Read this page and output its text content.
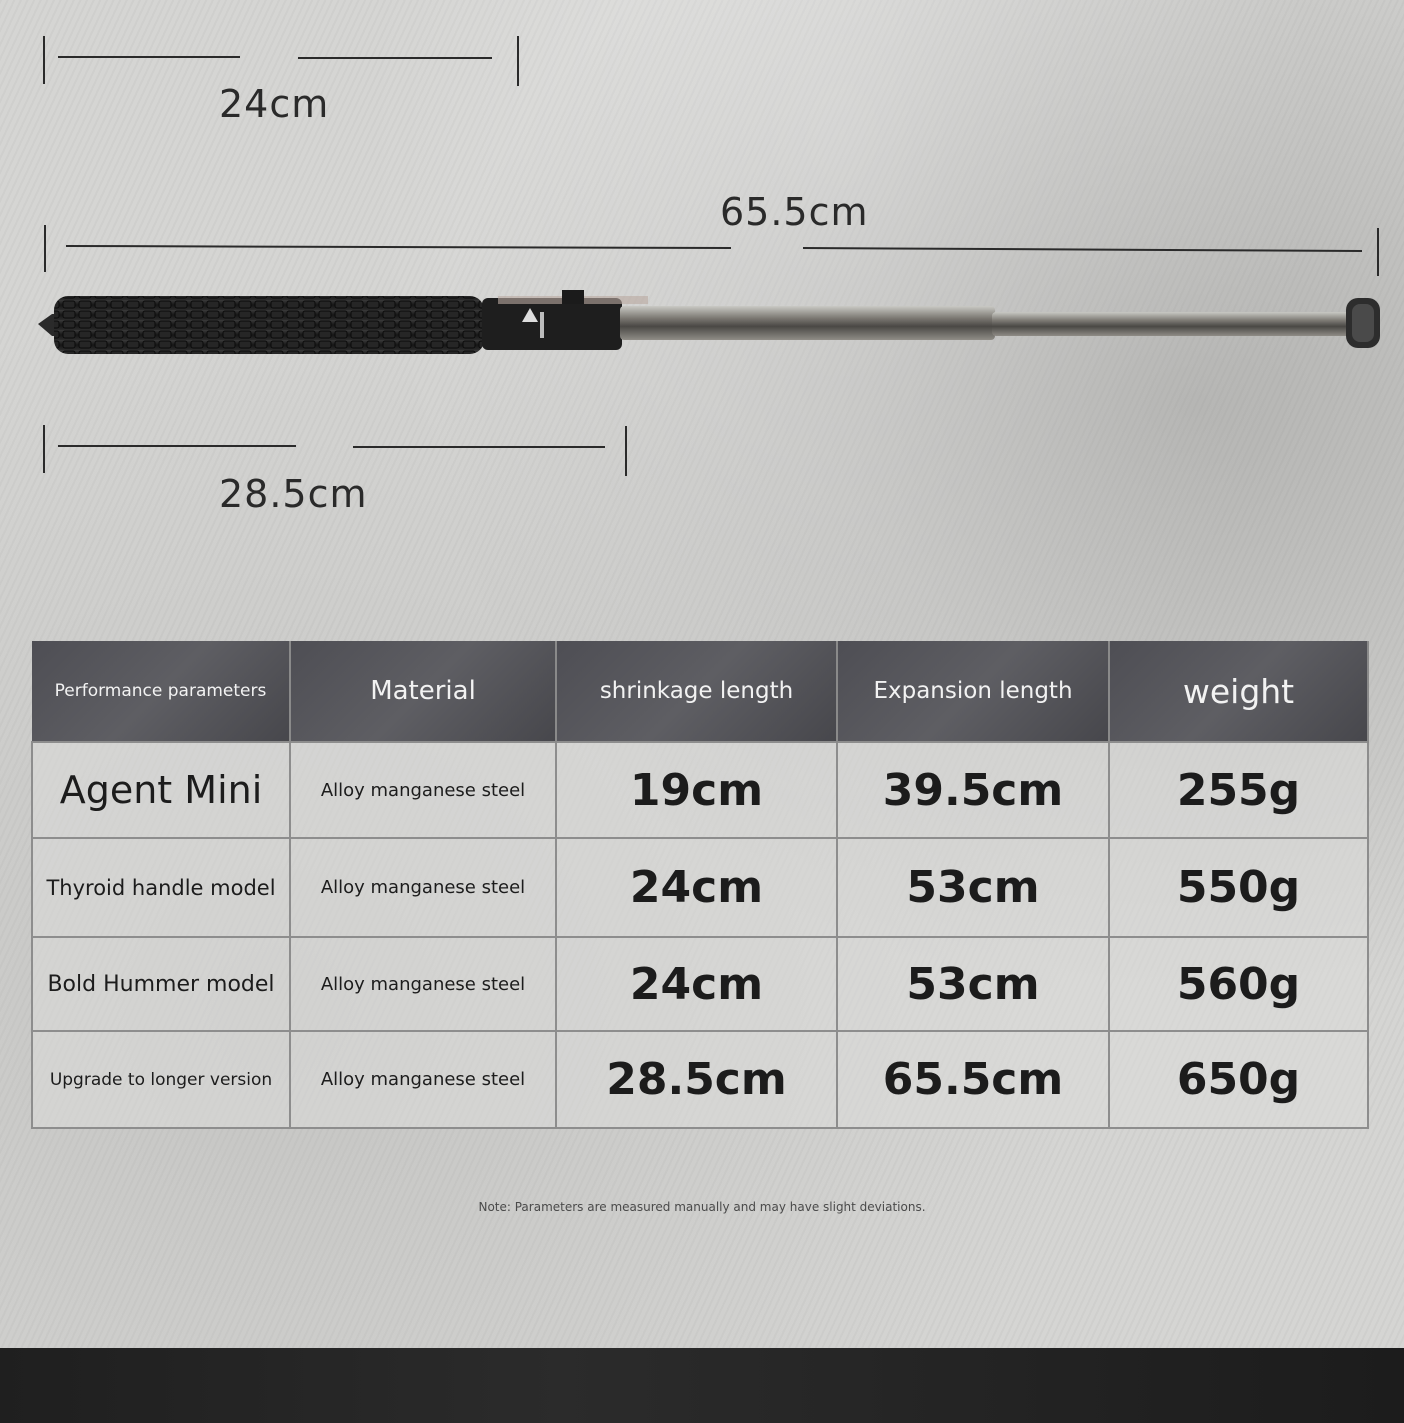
24cm
65.5cm
28.5cm
Performance parameters	Material	shrinkage length	Expansion length	weight
Agent Mini	Alloy manganese steel	19cm	39.5cm	255g
Thyroid handle model	Alloy manganese steel	24cm	53cm	550g
Bold Hummer model	Alloy manganese steel	24cm	53cm	560g
Upgrade to longer version	Alloy manganese steel	28.5cm	65.5cm	650g
Note: Parameters are measured manually and may have slight deviations.
